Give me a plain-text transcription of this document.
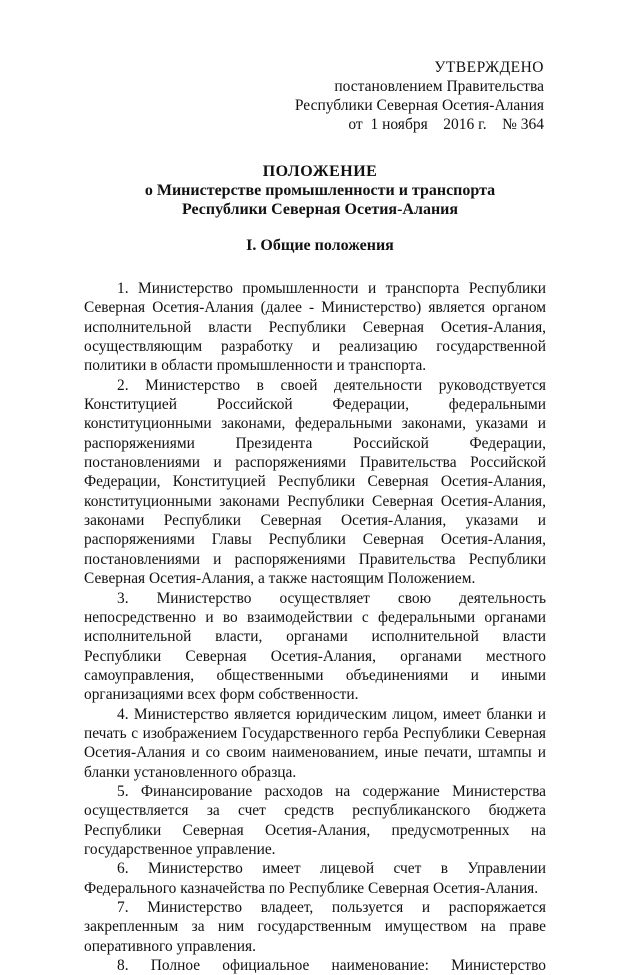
УТВЕРЖДЕНО
постановлением Правительства
Республики Северная Осетия-Алания
от 1 ноября 2016 г. № 364
ПОЛОЖЕНИЕ
о Министерстве промышленности и транспорта
Республики Северная Осетия-Алания
I. Общие положения

1. Министерство промышленности и транспорта Республики Северная Осетия-Алания (далее - Министерство) является органом исполнительной власти Республики Северная Осетия-Алания, осуществляющим разработку и реализацию государственной политики в области промышленности и транспорта.

2. Министерство в своей деятельности руководствуется Конституцией Российской Федерации, федеральными конституционными законами, федеральными законами, указами и распоряжениями Президента Российской Федерации, постановлениями и распоряжениями Правительства Российской Федерации, Конституцией Республики Северная Осетия-Алания, конституционными законами Республики Северная Осетия-Алания, законами Республики Северная Осетия-Алания, указами и распоряжениями Главы Республики Северная Осетия-Алания, постановлениями и распоряжениями Правительства Республики Северная Осетия-Алания, а также настоящим Положением.

3. Министерство осуществляет свою деятельность непосредственно и во взаимодействии с федеральными органами исполнительной власти, органами исполнительной власти Республики Северная Осетия-Алания, органами местного самоуправления, общественными объединениями и иными организациями всех форм собственности.

4. Министерство является юридическим лицом, имеет бланки и печать с изображением Государственного герба Республики Северная Осетия-Алания и со своим наименованием, иные печати, штампы и бланки установленного образца.

5. Финансирование расходов на содержание Министерства осуществляется за счет средств республиканского бюджета Республики Северная Осетия-Алания, предусмотренных на государственное управление.

6. Министерство имеет лицевой счет в Управлении Федерального казначейства по Республике Северная Осетия-Алания.

7. Министерство владеет, пользуется и распоряжается закрепленным за ним государственным имуществом на праве оперативного управления.

8. Полное официальное наименование: Министерство
